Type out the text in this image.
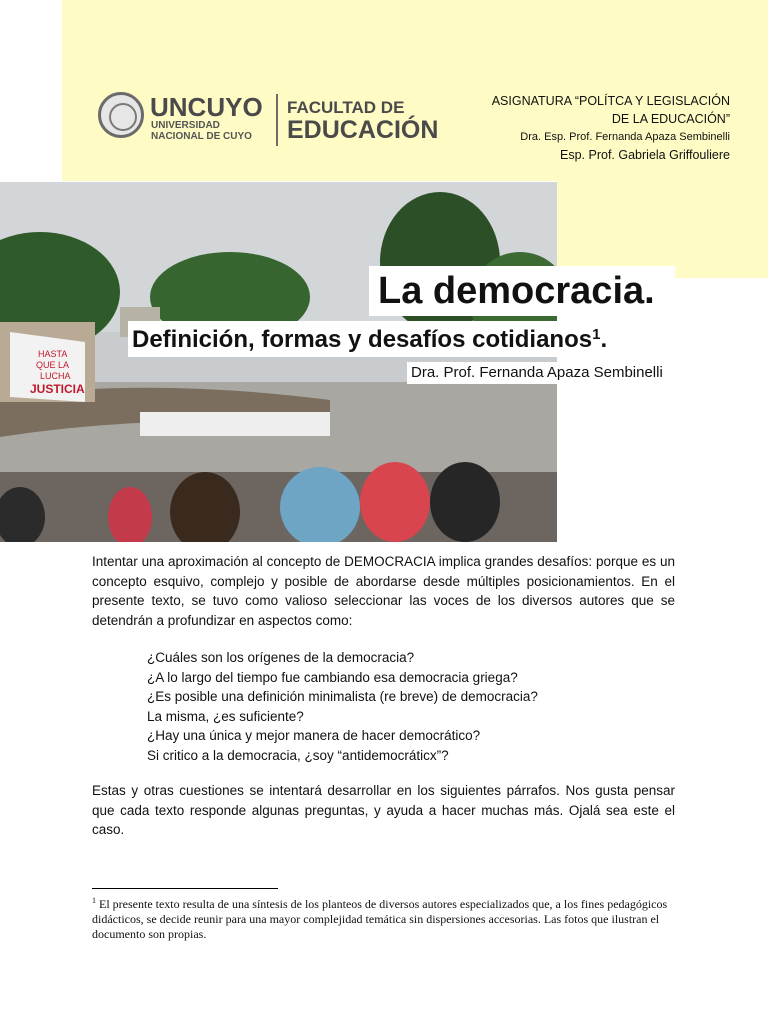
UNCUYO
UNIVERSIDAD
NACIONAL DE CUYO
FACULTAD DE
EDUCACIÓN
ASIGNATURA “POLÍTCA Y LEGISLACIÓN
DE LA EDUCACIÓN”
Dra. Esp. Prof. Fernanda Apaza Sembinelli
Esp. Prof. Gabriela Griffouliere
HASTA
QUE LA
LUCHA
JUSTICIA
La democracia.
Definición, formas y desafíos cotidianos$^1$.
Dra. Prof. Fernanda Apaza Sembinelli
Intentar una aproximación al concepto de DEMOCRACIA implica grandes desafíos: porque es un concepto esquivo, complejo y posible de abordarse desde múltiples posicionamientos. En el presente texto, se tuvo como valioso seleccionar las voces de los diversos autores que se detendrán a profundizar en aspectos como:
¿Cuáles son los orígenes de la democracia?
¿A lo largo del tiempo fue cambiando esa democracia griega?
¿Es posible una definición minimalista (re breve) de democracia?
La misma, ¿es suficiente?
¿Hay una única y mejor manera de hacer democrático?
Si critico a la democracia, ¿soy “antidemocráticx”?
Estas y otras cuestiones se intentará desarrollar en los siguientes párrafos. Nos gusta pensar que cada texto responde algunas preguntas, y ayuda a hacer muchas más. Ojalá sea este el caso.
$^1$ El presente texto resulta de una síntesis de los planteos de diversos autores especializados que, a los fines pedagógicos didácticos, se decide reunir para una mayor complejidad temática sin dispersiones accesorias. Las fotos que ilustran el documento son propias.
